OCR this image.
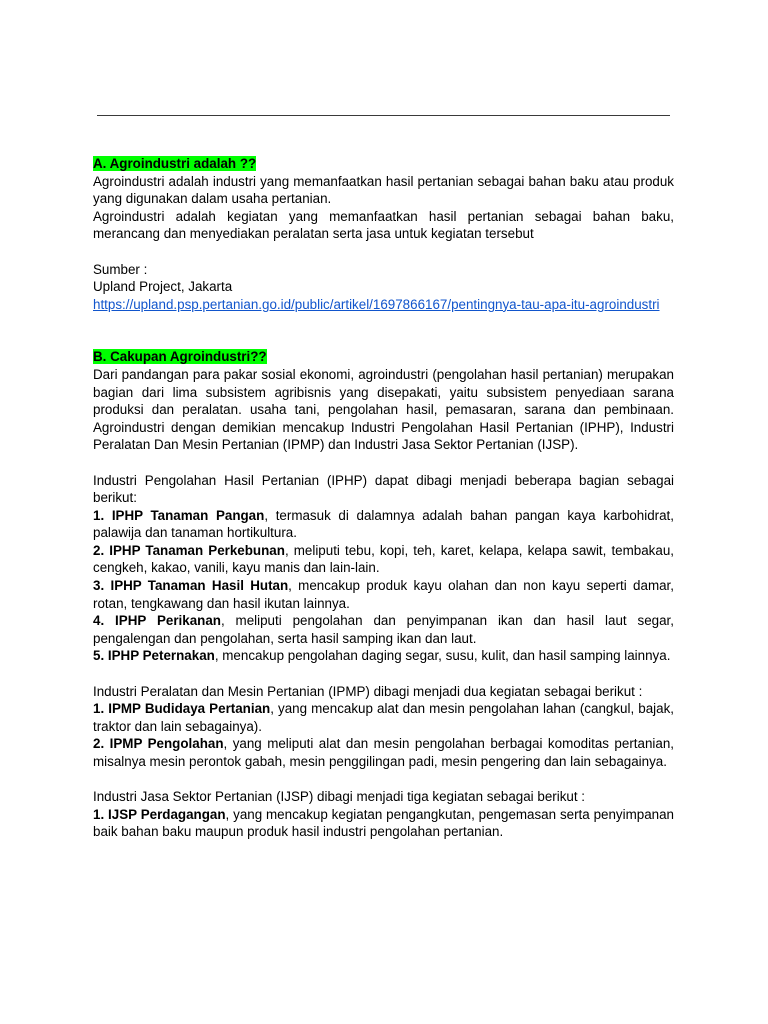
A. Agroindustri adalah ??

Agroindustri adalah industri yang memanfaatkan hasil pertanian sebagai bahan baku atau produk yang digunakan dalam usaha pertanian.

Agroindustri adalah kegiatan yang memanfaatkan hasil pertanian sebagai bahan baku, merancang dan menyediakan peralatan serta jasa untuk kegiatan tersebut

Sumber :

Upland Project, Jakarta

https://upland.psp.pertanian.go.id/public/artikel/1697866167/pentingnya-tau-apa-itu-agroindustri

B. Cakupan Agroindustri??

Dari pandangan para pakar sosial ekonomi, agroindustri (pengolahan hasil pertanian) merupakan bagian dari lima subsistem agribisnis yang disepakati, yaitu subsistem penyediaan sarana produksi dan peralatan. usaha tani, pengolahan hasil, pemasaran, sarana dan pembinaan. Agroindustri dengan demikian mencakup Industri Pengolahan Hasil Pertanian (IPHP), Industri Peralatan Dan Mesin Pertanian (IPMP) dan Industri Jasa Sektor Pertanian (IJSP).

Industri Pengolahan Hasil Pertanian (IPHP) dapat dibagi menjadi beberapa bagian sebagai berikut:

1. IPHP Tanaman Pangan, termasuk di dalamnya adalah bahan pangan kaya karbohidrat, palawija dan tanaman hortikultura.

2. IPHP Tanaman Perkebunan, meliputi tebu, kopi, teh, karet, kelapa, kelapa sawit, tembakau, cengkeh, kakao, vanili, kayu manis dan lain-lain.

3. IPHP Tanaman Hasil Hutan, mencakup produk kayu olahan dan non kayu seperti damar, rotan, tengkawang dan hasil ikutan lainnya.

4. IPHP Perikanan, meliputi pengolahan dan penyimpanan ikan dan hasil laut segar, pengalengan dan pengolahan, serta hasil samping ikan dan laut.

5. IPHP Peternakan, mencakup pengolahan daging segar, susu, kulit, dan hasil samping lainnya.

Industri Peralatan dan Mesin Pertanian (IPMP) dibagi menjadi dua kegiatan sebagai berikut :

1. IPMP Budidaya Pertanian, yang mencakup alat dan mesin pengolahan lahan (cangkul, bajak, traktor dan lain sebagainya).

2. IPMP Pengolahan, yang meliputi alat dan mesin pengolahan berbagai komoditas pertanian, misalnya mesin perontok gabah, mesin penggilingan padi, mesin pengering dan lain sebagainya.

Industri Jasa Sektor Pertanian (IJSP) dibagi menjadi tiga kegiatan sebagai berikut :

1. IJSP Perdagangan, yang mencakup kegiatan pengangkutan, pengemasan serta penyimpanan baik bahan baku maupun produk hasil industri pengolahan pertanian.
